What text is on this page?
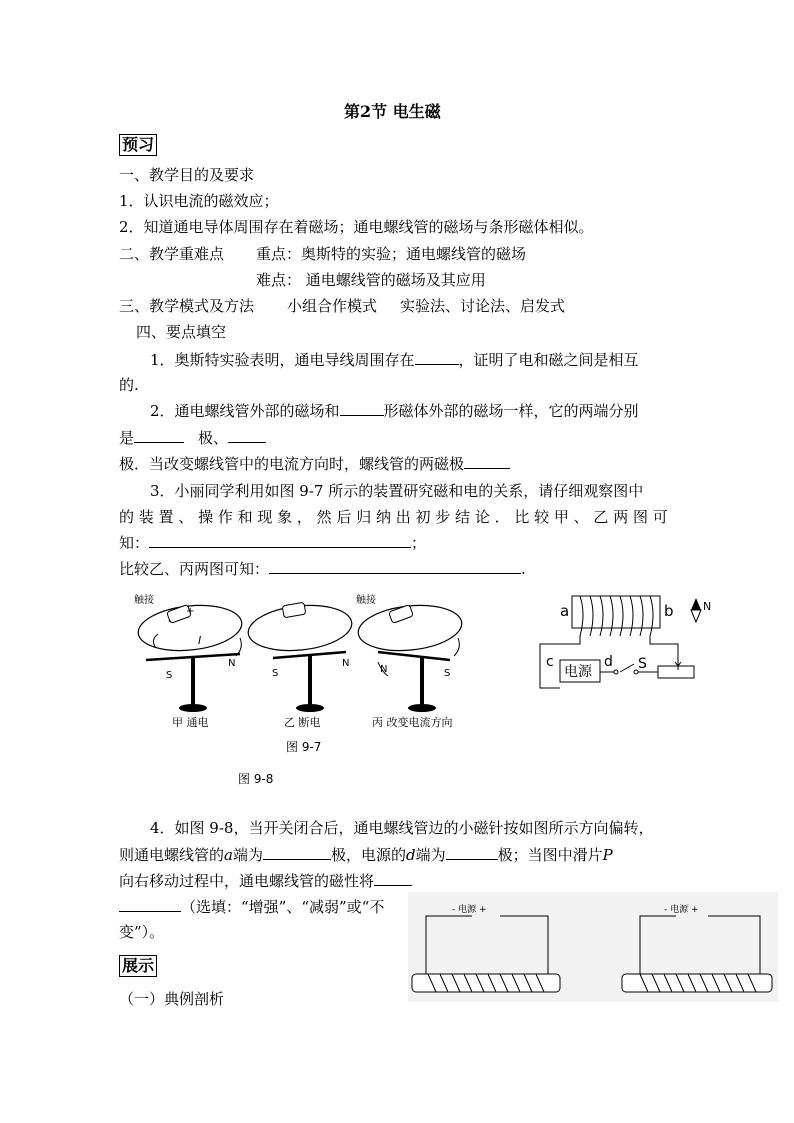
第2节 电生磁
预习
一、教学目的及要求
1．认识电流的磁效应；
2．知道通电导体周围存在着磁场；通电螺线管的磁场与条形磁体相似。
二、教学重难点 重点：奥斯特的实验；通电螺线管的磁场
难点： 通电螺线管的磁场及其应用
三、教学模式及方法 小组合作模式 实验法、讨论法、启发式
四、要点填空
1．奥斯特实验表明，通电导线周围存在	，证明了电和磁之间是相互
的.
2．通电螺线管外部的磁场和	形磁体外部的磁场一样，它的两端分别
是	极、
极．当改变螺线管中的电流方向时，螺线管的两磁极
3．小丽同学利用如图 9-7 所示的装置研究磁和电的关系，请仔细观察图中
的 装 置 、 操 作 和 现 象 ， 然 后 归 纳 出 初 步 结 论 ． 比 较 甲 、 乙 两 图 可
知：	；
比较乙、丙两图可知：	.
触接
+
-
I
S
N
S
N
触接
N	S
甲 通电	乙 断电	丙 改变电流方向
图 9-7
a	b
电源
c	d S
N
图 9-8
4．如图 9-8，当开关闭合后，通电螺线管边的小磁针按如图所示方向偏转，
则通电螺线管的a端为	极，电源的d端为	极；当图中滑片P
向右移动过程中，通电螺线管的磁性将
（选填：“增强”、“减弱”或“不
变”）。
- 电源 +	- 电源 +
展示
（一）典例剖析
